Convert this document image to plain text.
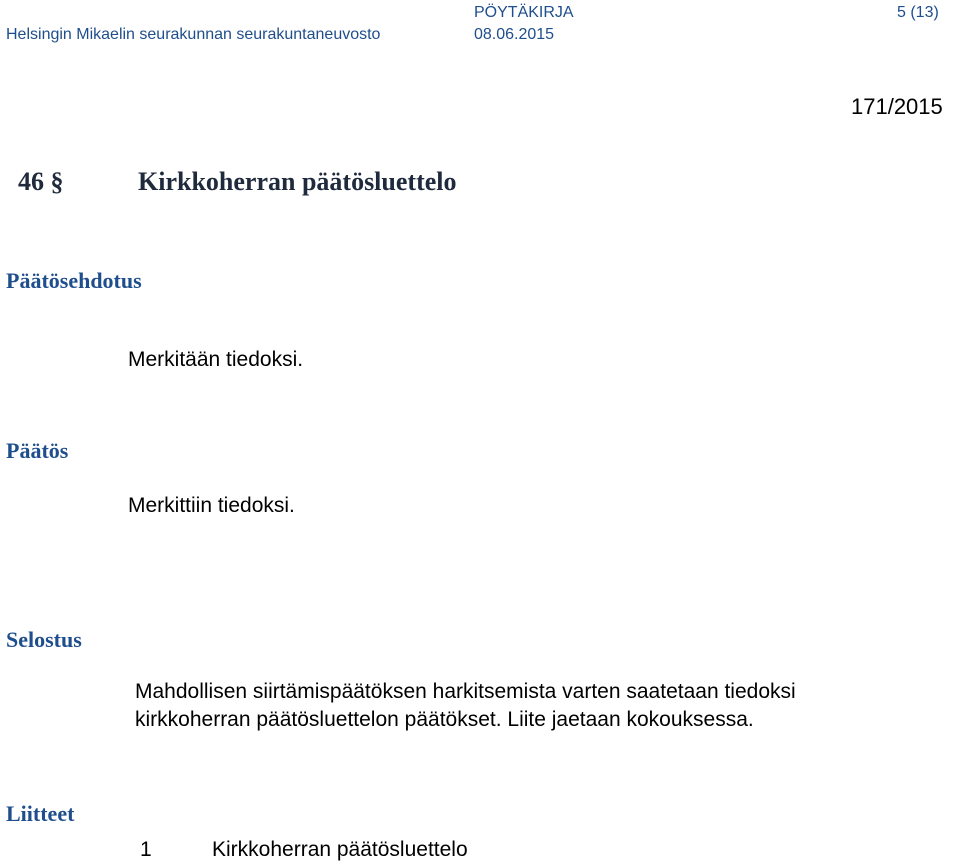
Helsingin Mikaelin seurakunnan seurakuntaneuvosto
PÖYTÄKIRJA
08.06.2015
5 (13)
171/2015
46 §	Kirkkoherran päätösluettelo
Päätösehdotus
Merkitään tiedoksi.
Päätös
Merkittiin tiedoksi.
Selostus
Mahdollisen siirtämispäätöksen harkitsemista varten saatetaan tiedoksi
kirkkoherran päätösluettelon päätökset. Liite jaetaan kokouksessa.
Liitteet
1	Kirkkoherran päätösluettelo
